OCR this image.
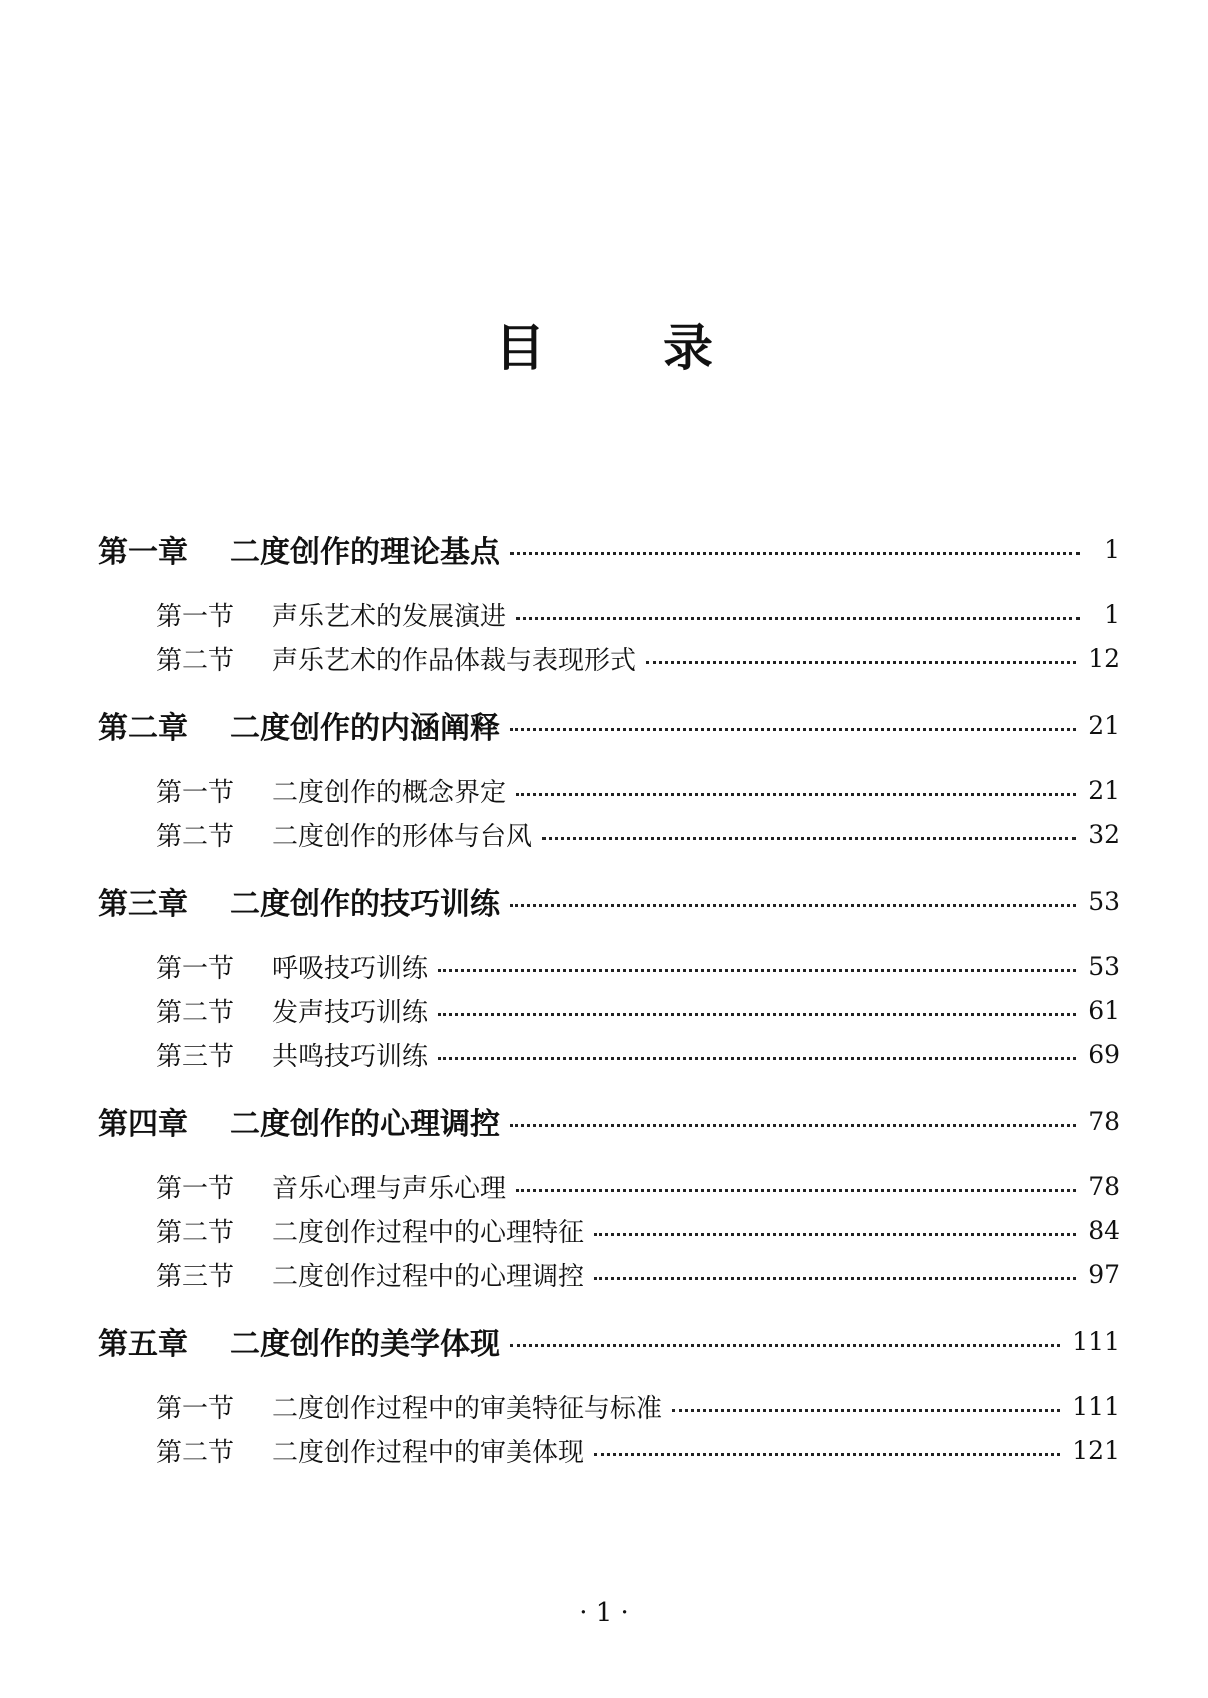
目 录
第一章	二度创作的理论基点	1
第一节	声乐艺术的发展演进	1
第二节	声乐艺术的作品体裁与表现形式	12
第二章	二度创作的内涵阐释	21
第一节	二度创作的概念界定	21
第二节	二度创作的形体与台风	32
第三章	二度创作的技巧训练	53
第一节	呼吸技巧训练	53
第二节	发声技巧训练	61
第三节	共鸣技巧训练	69
第四章	二度创作的心理调控	78
第一节	音乐心理与声乐心理	78
第二节	二度创作过程中的心理特征	84
第三节	二度创作过程中的心理调控	97
第五章	二度创作的美学体现	111
第一节	二度创作过程中的审美特征与标准	111
第二节	二度创作过程中的审美体现	121
· 1 ·
